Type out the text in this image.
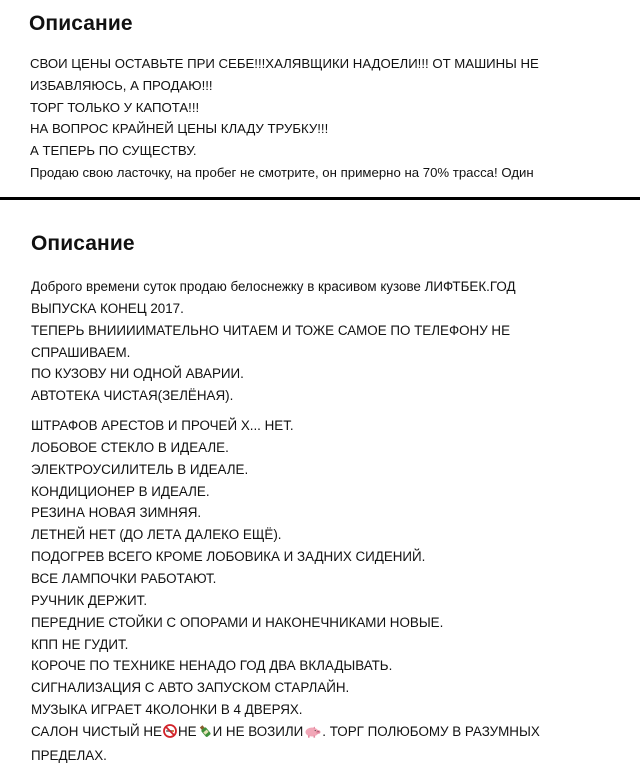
Описание
СВОИ ЦЕНЫ ОСТАВЬТЕ ПРИ СЕБЕ!!!ХАЛЯВЩИКИ НАДОЕЛИ!!! ОТ МАШИНЫ НЕ
ИЗБАВЛЯЮСЬ, А ПРОДАЮ!!!
ТОРГ ТОЛЬКО У КАПОТА!!!
НА ВОПРОС КРАЙНЕЙ ЦЕНЫ КЛАДУ ТРУБКУ!!!
А ТЕПЕРЬ ПО СУЩЕСТВУ.
Продаю свою ласточку, на пробег не смотрите, он примерно на 70% трасса! Один
Описание
Доброго времени суток продаю белоснежку в красивом кузове ЛИФТБЕК.ГОД
ВЫПУСКА КОНЕЦ 2017.
ТЕПЕРЬ ВНИИИИМАТЕЛЬНО ЧИТАЕМ И ТОЖЕ САМОЕ ПО ТЕЛЕФОНУ НЕ
СПРАШИВАЕМ.
ПО КУЗОВУ НИ ОДНОЙ АВАРИИ.
АВТОТЕКА ЧИСТАЯ(ЗЕЛЁНАЯ).
ШТРАФОВ АРЕСТОВ И ПРОЧЕЙ Х... НЕТ.
ЛОБОВОЕ СТЕКЛО В ИДЕАЛЕ.
ЭЛЕКТРОУСИЛИТЕЛЬ В ИДЕАЛЕ.
КОНДИЦИОНЕР В ИДЕАЛЕ.
РЕЗИНА НОВАЯ ЗИМНЯЯ.
ЛЕТНЕЙ НЕТ (ДО ЛЕТА ДАЛЕКО ЕЩЁ).
ПОДОГРЕВ ВСЕГО КРОМЕ ЛОБОВИКА И ЗАДНИХ СИДЕНИЙ.
ВСЕ ЛАМПОЧКИ РАБОТАЮТ.
РУЧНИК ДЕРЖИТ.
ПЕРЕДНИЕ СТОЙКИ С ОПОРАМИ И НАКОНЕЧНИКАМИ НОВЫЕ.
КПП НЕ ГУДИТ.
КОРОЧЕ ПО ТЕХНИКЕ НЕНАДО ГОД ДВА ВКЛАДЫВАТЬ.
СИГНАЛИЗАЦИЯ С АВТО ЗАПУСКОМ СТАРЛАЙН.
МУЗЫКА ИГРАЕТ 4КОЛОНКИ В 4 ДВЕРЯХ.
САЛОН ЧИСТЫЙ НЕ НЕ И НЕ ВОЗИЛИ . ТОРГ ПОЛЮБОМУ В РАЗУМНЫХ
ПРЕДЕЛАХ.
